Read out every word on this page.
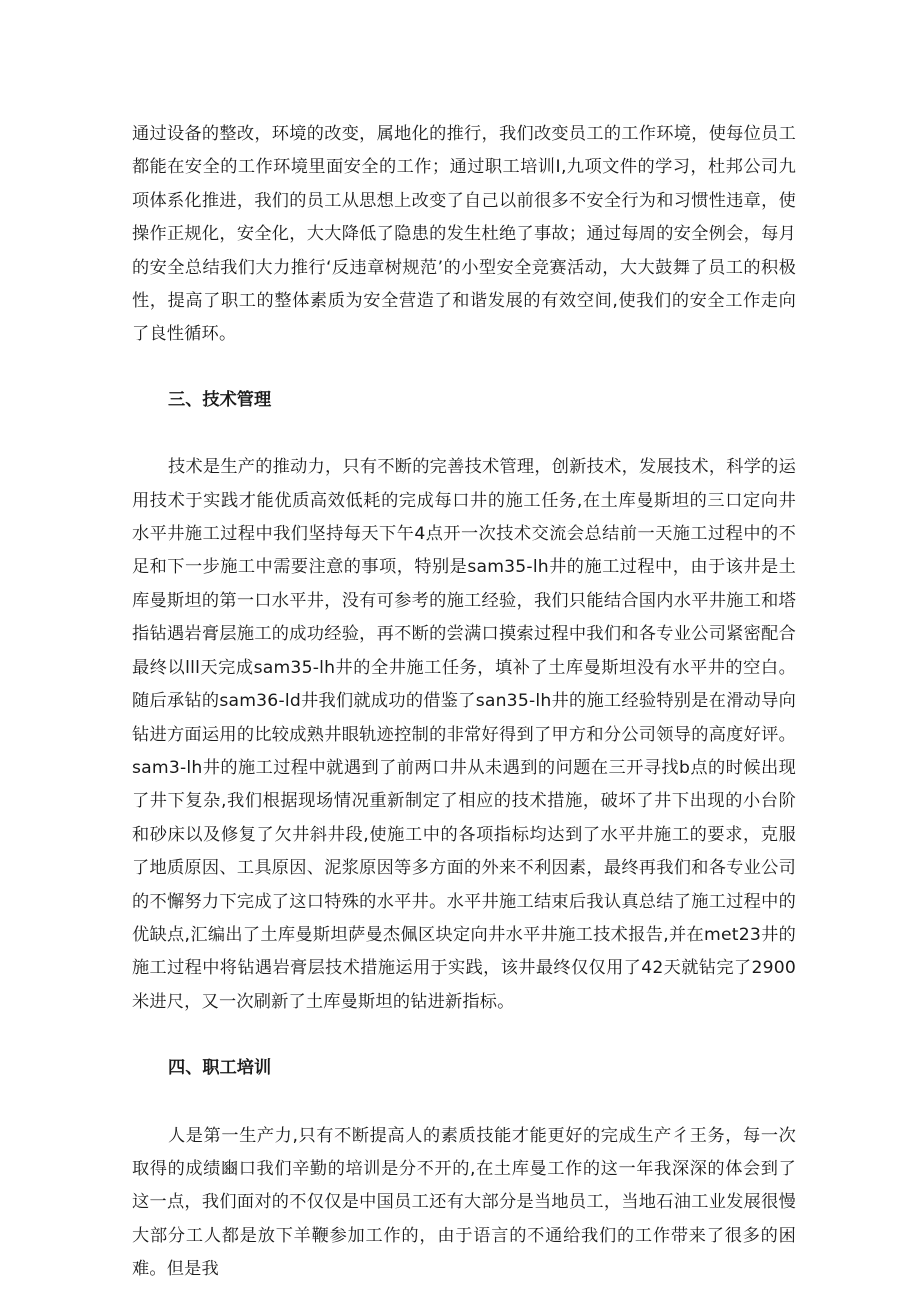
通过设备的整改，环境的改变，属地化的推行，我们改变员工的工作环境，使每位员工都能在安全的工作环境里面安全的工作；通过职工培训Ⅰ,九项文件的学习，杜邦公司九项体系化推进，我们的员工从思想上改变了自己以前很多不安全行为和习惯性违章，使操作正规化，安全化，大大降低了隐患的发生杜绝了事故；通过每周的安全例会，每月的安全总结我们大力推行‘反违章树规范’的小型安全竞赛活动，大大鼓舞了员工的积极性，提高了职工的整体素质为安全营造了和谐发展的有效空间,使我们的安全工作走向了良性循环。

三、技术管理

技术是生产的推动力，只有不断的完善技术管理，创新技术，发展技术，科学的运用技术于实践才能优质高效低耗的完成每口井的施工任务,在土库曼斯坦的三口定向井水平井施工过程中我们坚持每天下午4点开一次技术交流会总结前一天施工过程中的不足和下一步施工中需要注意的事项，特别是sam35-lh井的施工过程中，由于该井是土库曼斯坦的第一口水平井，没有可参考的施工经验，我们只能结合国内水平井施工和塔指钻遇岩膏层施工的成功经验，再不断的尝满口摸索过程中我们和各专业公司紧密配合最终以lll天完成sam35-lh井的全井施工任务，填补了土库曼斯坦没有水平井的空白。随后承钻的sam36-ld井我们就成功的借鉴了san35-lh井的施工经验特别是在滑动导向钻进方面运用的比较成熟井眼轨迹控制的非常好得到了甲方和分公司领导的高度好评。sam3-lh井的施工过程中就遇到了前两口井从未遇到的问题在三开寻找b点的时候出现了井下复杂,我们根据现场情况重新制定了相应的技术措施，破坏了井下出现的小台阶和砂床以及修复了欠井斜井段,使施工中的各项指标均达到了水平井施工的要求，克服了地质原因、工具原因、泥浆原因等多方面的外来不利因素，最终再我们和各专业公司的不懈努力下完成了这口特殊的水平井。水平井施工结束后我认真总结了施工过程中的优缺点,汇编出了土库曼斯坦萨曼杰佩区块定向井水平井施工技术报告,并在met23井的施工过程中将钻遇岩膏层技术措施运用于实践，该井最终仅仅用了42天就钻完了2900米进尺，又一次刷新了土库曼斯坦的钻进新指标。

四、职工培训

人是第一生产力,只有不断提高人的素质技能才能更好的完成生产彳王务，每一次取得的成绩豳口我们辛勤的培训是分不开的,在土库曼工作的这一年我深深的体会到了这一点，我们面对的不仅仅是中国员工还有大部分是当地员工，当地石油工业发展很慢大部分工人都是放下羊鞭参加工作的，由于语言的不通给我们的工作带来了很多的困难。但是我
